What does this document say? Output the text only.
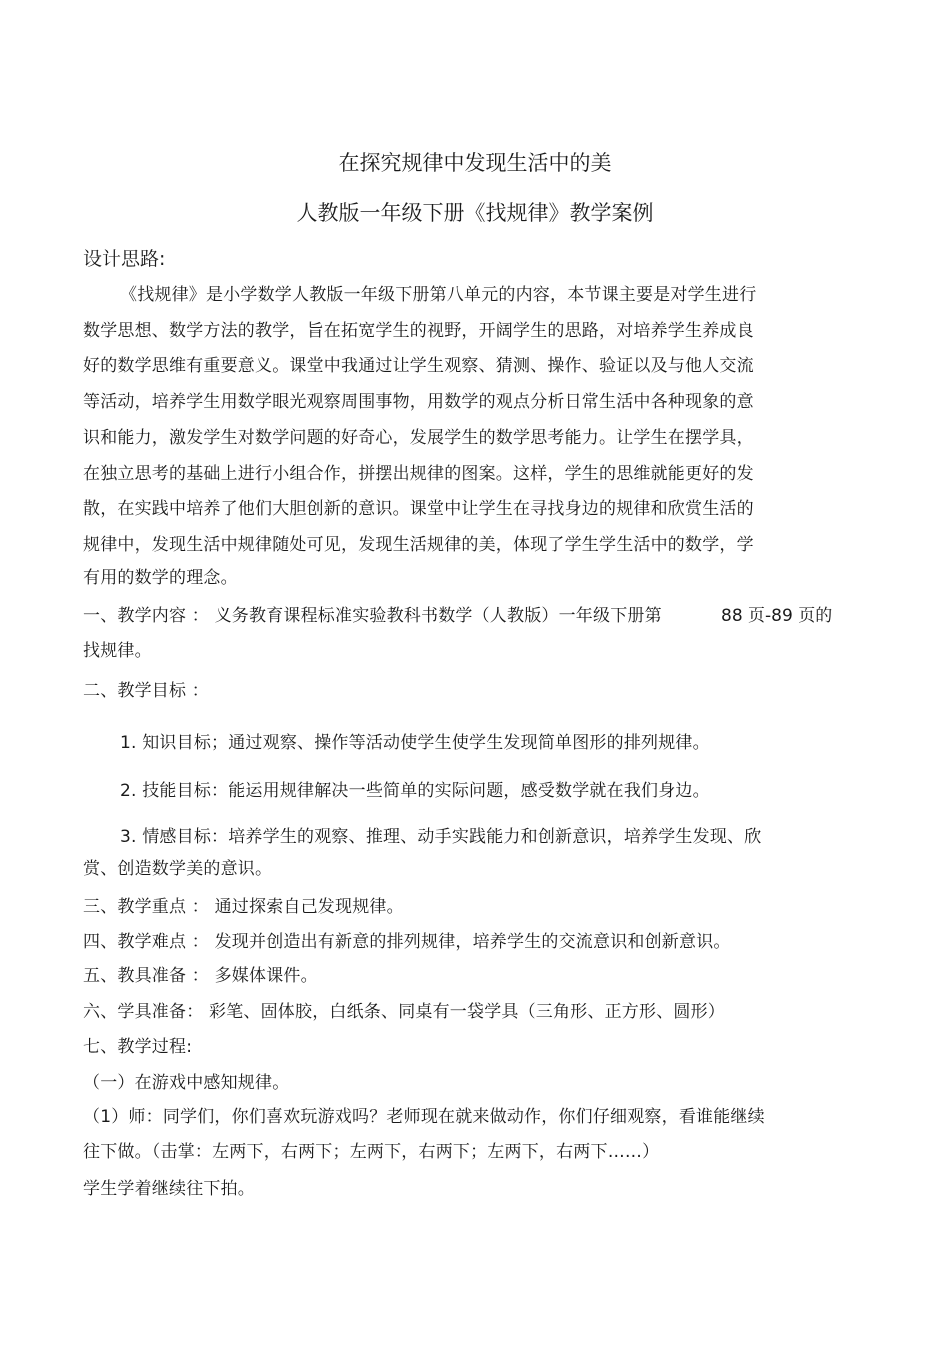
在探究规律中发现生活中的美
人教版一年级下册《找规律》教学案例
设计思路:
《找规律》是小学数学人教版一年级下册第八单元的内容，本节课主要是对学生进行
数学思想、数学方法的教学，旨在拓宽学生的视野，开阔学生的思路，对培养学生养成良
好的数学思维有重要意义。课堂中我通过让学生观察、猜测、操作、验证以及与他人交流
等活动，培养学生用数学眼光观察周围事物，用数学的观点分析日常生活中各种现象的意
识和能力，激发学生对数学问题的好奇心，发展学生的数学思考能力。让学生在摆学具，
在独立思考的基础上进行小组合作，拼摆出规律的图案。这样，学生的思维就能更好的发
散，在实践中培养了他们大胆创新的意识。课堂中让学生在寻找身边的规律和欣赏生活的
规律中，发现生活中规律随处可见，发现生活规律的美，体现了学生学生活中的数学，学
有用的数学的理念。
一、教学内容 ： 义务教育课程标准实验教科书数学（人教版）一年级下册第	88 页-89 页的
找规律。
二、教学目标 ：
1. 知识目标；通过观察、操作等活动使学生使学生发现简单图形的排列规律。
2. 技能目标：能运用规律解决一些简单的实际问题，感受数学就在我们身边。
3. 情感目标：培养学生的观察、推理、动手实践能力和创新意识，培养学生发现、欣
赏、创造数学美的意识。
三、教学重点 ： 通过探索自己发现规律。
四、教学难点 ： 发现并创造出有新意的排列规律，培养学生的交流意识和创新意识。
五、教具准备 ： 多媒体课件。
六、学具准备： 彩笔、固体胶，白纸条、同桌有一袋学具（三角形、正方形、圆形）
七、教学过程:
（一）在游戏中感知规律。
（1）师：同学们，你们喜欢玩游戏吗？老师现在就来做动作，你们仔细观察，看谁能继续
往下做。（击掌：左两下，右两下；左两下，右两下；左两下，右两下……）
学生学着继续往下拍。
